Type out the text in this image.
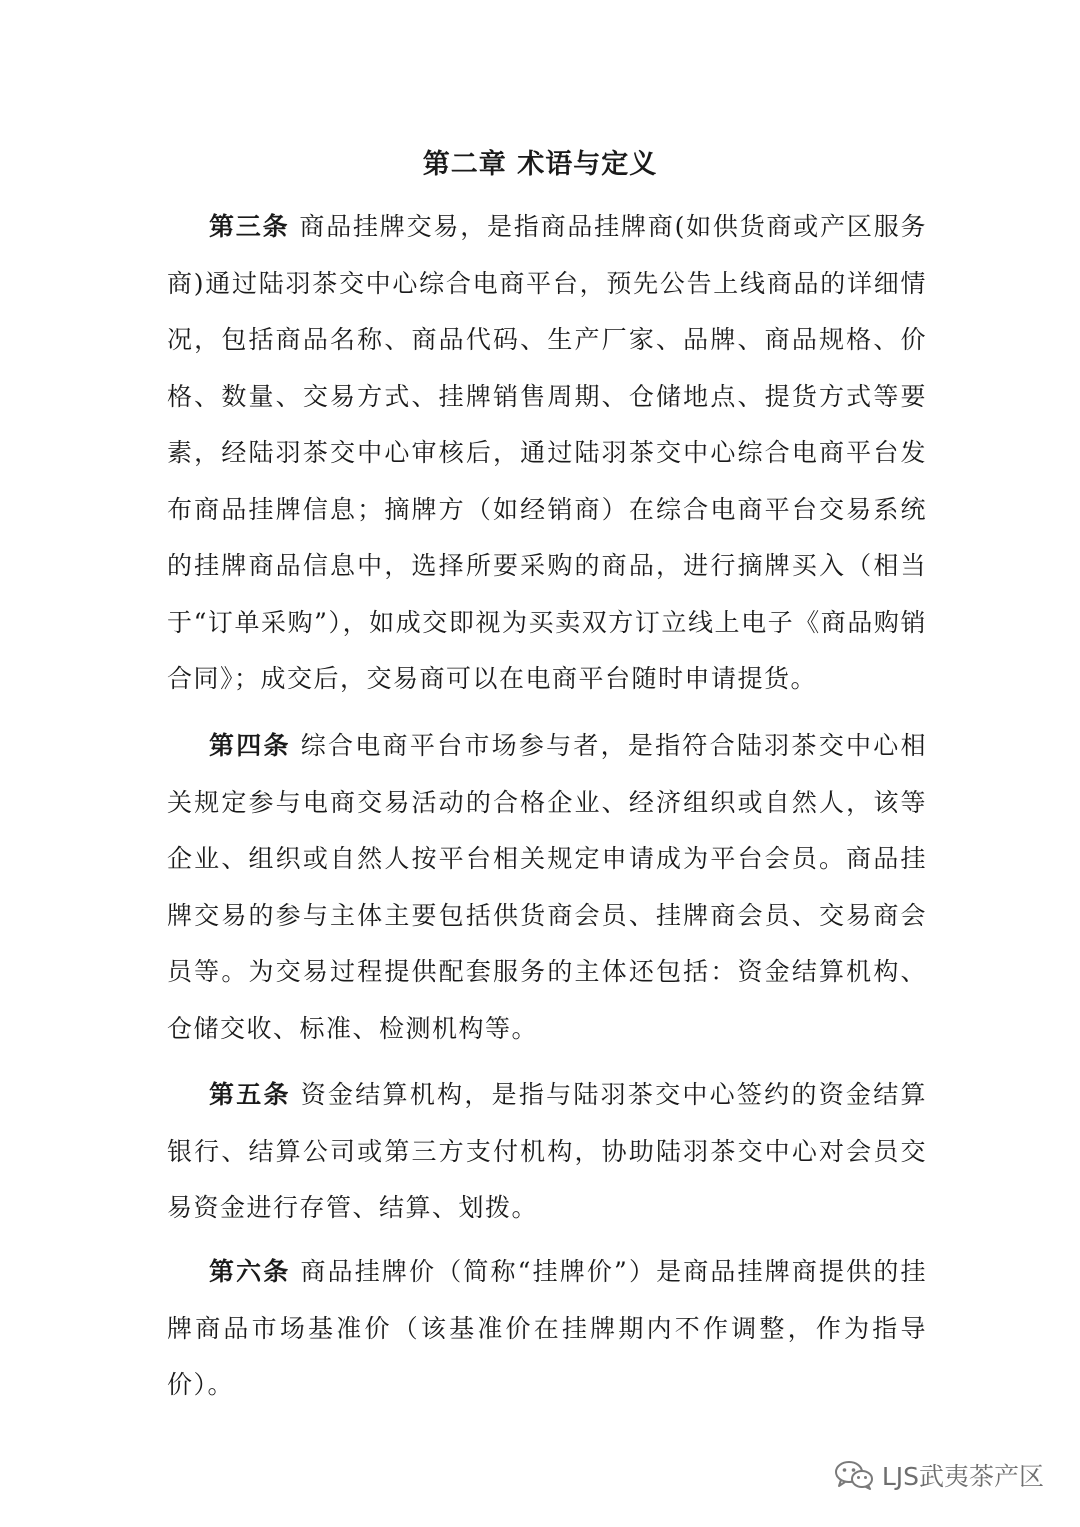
第二章 术语与定义

第三条 商品挂牌交易，是指商品挂牌商(如供货商或产区服务商)通过陆羽茶交中心综合电商平台，预先公告上线商品的详细情况，包括商品名称、商品代码、生产厂家、品牌、商品规格、价格、数量、交易方式、挂牌销售周期、仓储地点、提货方式等要素，经陆羽茶交中心审核后，通过陆羽茶交中心综合电商平台发布商品挂牌信息；摘牌方（如经销商）在综合电商平台交易系统的挂牌商品信息中，选择所要采购的商品，进行摘牌买入（相当于“订单采购”），如成交即视为买卖双方订立线上电子《商品购销合同》；成交后，交易商可以在电商平台随时申请提货。

第四条 综合电商平台市场参与者，是指符合陆羽茶交中心相关规定参与电商交易活动的合格企业、经济组织或自然人，该等企业、组织或自然人按平台相关规定申请成为平台会员。商品挂牌交易的参与主体主要包括供货商会员、挂牌商会员、交易商会员等。为交易过程提供配套服务的主体还包括：资金结算机构、仓储交收、标准、检测机构等。

第五条 资金结算机构，是指与陆羽茶交中心签约的资金结算银行、结算公司或第三方支付机构，协助陆羽茶交中心对会员交易资金进行存管、结算、划拨。

第六条 商品挂牌价（简称“挂牌价”）是商品挂牌商提供的挂牌商品市场基准价（该基准价在挂牌期内不作调整，作为指导价）。

LJS武夷茶产区
